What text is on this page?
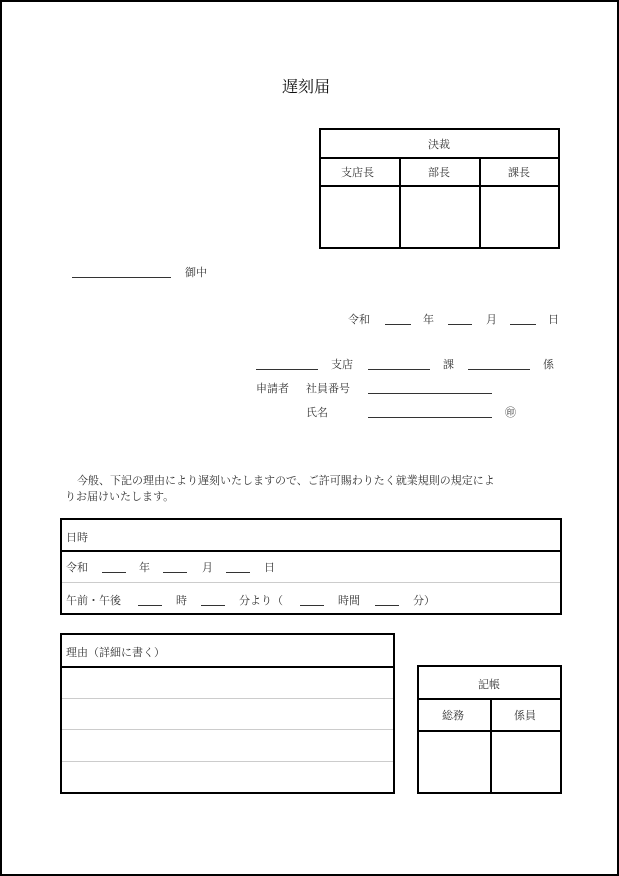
遅刻届
決裁
支店長	部長	課長
御中
令和	年	月	日
支店	課	係
申請者 社員番号
氏名	㊞
今般、下記の理由により遅刻いたしますので、ご許可賜わりたく就業規則の規定によ
りお届けいたします。
日時
令和	年	月	日
午前・午後	時	分より（	時間	分）
理由（詳細に書く）
記帳
総務	係員
